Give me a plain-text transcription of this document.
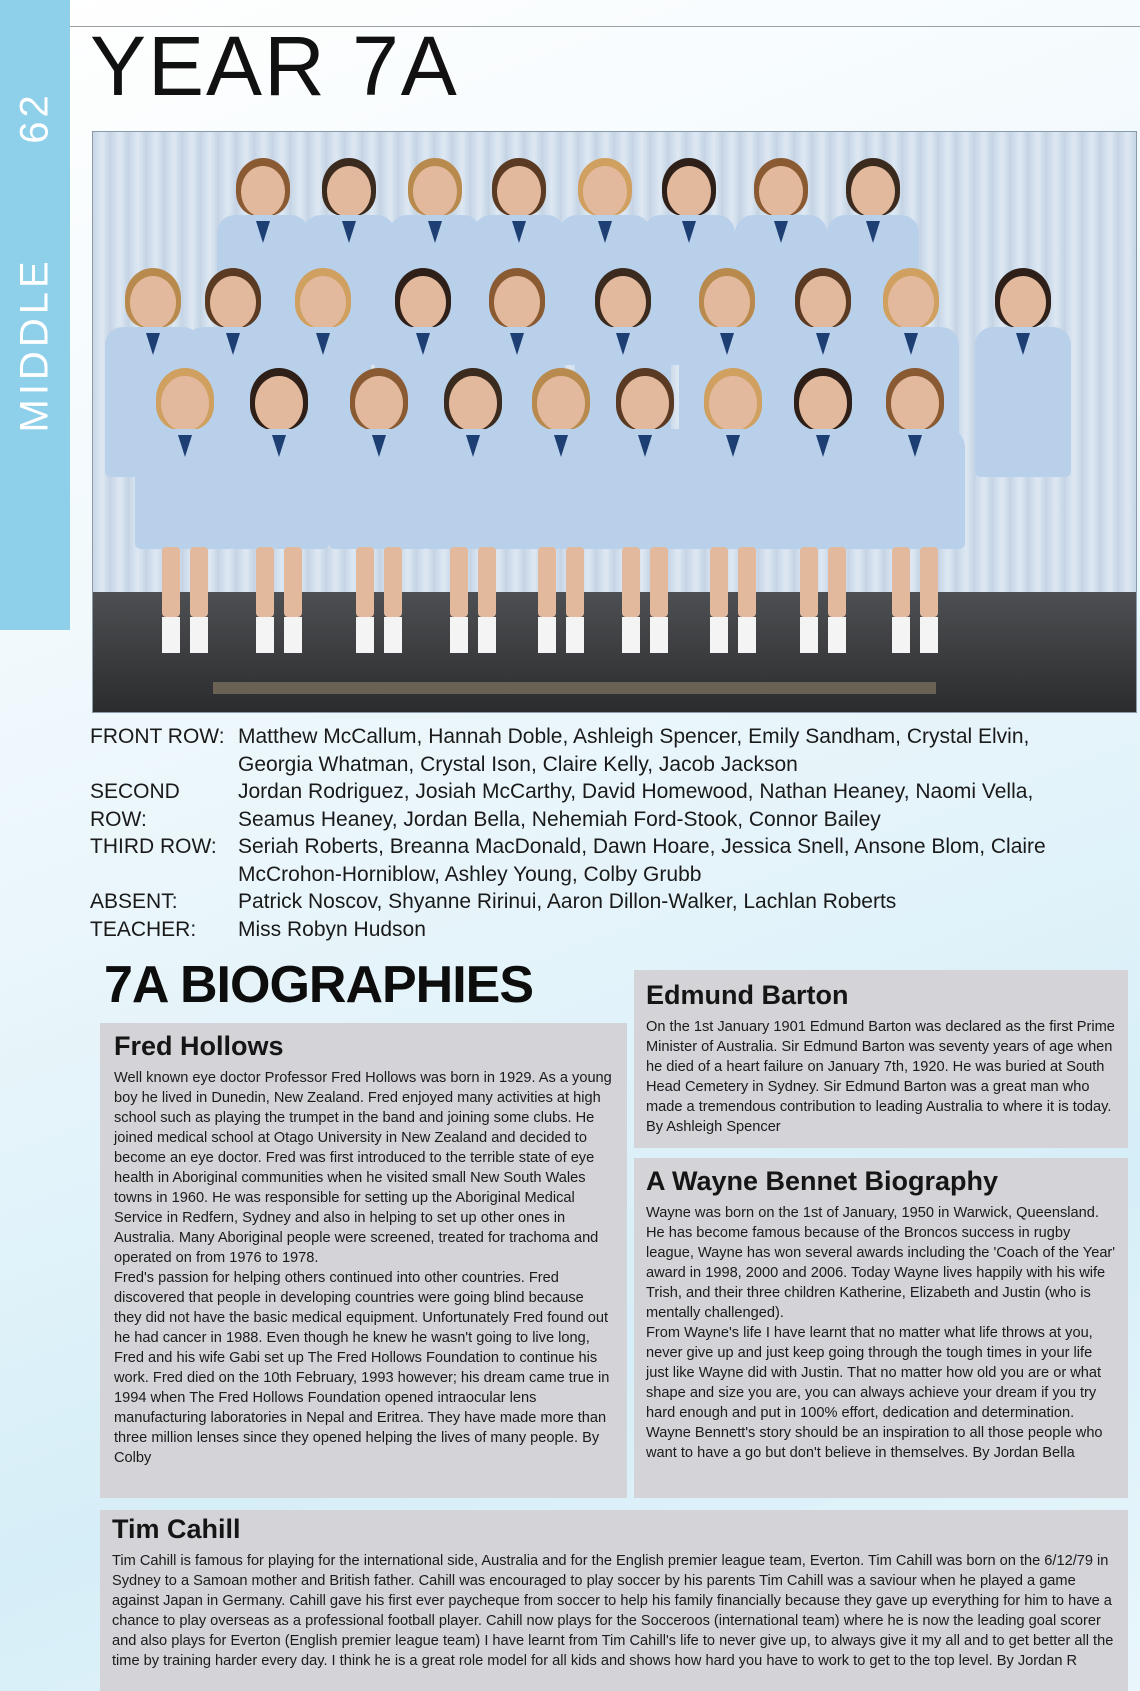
62
MIDDLE
YEAR 7A
FRONT ROW: Matthew McCallum, Hannah Doble, Ashleigh Spencer, Emily Sandham, Crystal Elvin, Georgia Whatman, Crystal Ison, Claire Kelly, Jacob Jackson
SECOND ROW:
Jordan Rodriguez, Josiah McCarthy, David Homewood, Nathan Heaney, Naomi Vella, Seamus Heaney, Jordan Bella, Nehemiah Ford-Stook, Connor Bailey
THIRD ROW:	Seriah Roberts, Breanna MacDonald, Dawn Hoare, Jessica Snell, Ansone Blom, Claire McCrohon-Horniblow, Ashley Young, Colby Grubb
ABSENT:	Patrick Noscov, Shyanne Ririnui, Aaron Dillon-Walker, Lachlan Roberts
TEACHER:	Miss Robyn Hudson
7A BIOGRAPHIES
Fred Hollows

Well known eye doctor Professor Fred Hollows was born in 1929. As a young boy he lived in Dunedin, New Zealand. Fred enjoyed many activities at high school such as playing the trumpet in the band and joining some clubs. He joined medical school at Otago University in New Zealand and decided to become an eye doctor. Fred was first introduced to the terrible state of eye health in Aboriginal communities when he visited small New South Wales towns in 1960. He was responsible for setting up the Aboriginal Medical Service in Redfern, Sydney and also in helping to set up other ones in Australia. Many Aboriginal people were screened, treated for trachoma and operated on from 1976 to 1978.
Fred's passion for helping others continued into other countries. Fred discovered that people in developing countries were going blind because they did not have the basic medical equipment. Unfortunately Fred found out he had cancer in 1988. Even though he knew he wasn't going to live long, Fred and his wife Gabi set up The Fred Hollows Foundation to continue his work. Fred died on the 10th February, 1993 however; his dream came true in 1994 when The Fred Hollows Foundation opened intraocular lens manufacturing laboratories in Nepal and Eritrea. They have made more than three million lenses since they opened helping the lives of many people. By Colby

Edmund Barton

On the 1st January 1901 Edmund Barton was declared as the first Prime Minister of Australia. Sir Edmund Barton was seventy years of age when he died of a heart failure on January 7th, 1920. He was buried at South Head Cemetery in Sydney. Sir Edmund Barton was a great man who made a tremendous contribution to leading Australia to where it is today. By Ashleigh Spencer

A Wayne Bennet Biography

Wayne was born on the 1st of January, 1950 in Warwick, Queensland. He has become famous because of the Broncos success in rugby league, Wayne has won several awards including the 'Coach of the Year' award in 1998, 2000 and 2006. Today Wayne lives happily with his wife Trish, and their three children Katherine, Elizabeth and Justin (who is mentally challenged).
From Wayne's life I have learnt that no matter what life throws at you, never give up and just keep going through the tough times in your life just like Wayne did with Justin. That no matter how old you are or what shape and size you are, you can always achieve your dream if you try hard enough and put in 100% effort, dedication and determination. Wayne Bennett's story should be an inspiration to all those people who want to have a go but don't believe in themselves. By Jordan Bella

Tim Cahill

Tim Cahill is famous for playing for the international side, Australia and for the English premier league team, Everton. Tim Cahill was born on the 6/12/79 in Sydney to a Samoan mother and British father. Cahill was encouraged to play soccer by his parents Tim Cahill was a saviour when he played a game against Japan in Germany. Cahill gave his first ever paycheque from soccer to help his family financially because they gave up everything for him to have a chance to play overseas as a professional football player. Cahill now plays for the Socceroos (international team) where he is now the leading goal scorer and also plays for Everton (English premier league team) I have learnt from Tim Cahill's life to never give up, to always give it my all and to get better all the time by training harder every day. I think he is a great role model for all kids and shows how hard you have to work to get to the top level. By Jordan R
